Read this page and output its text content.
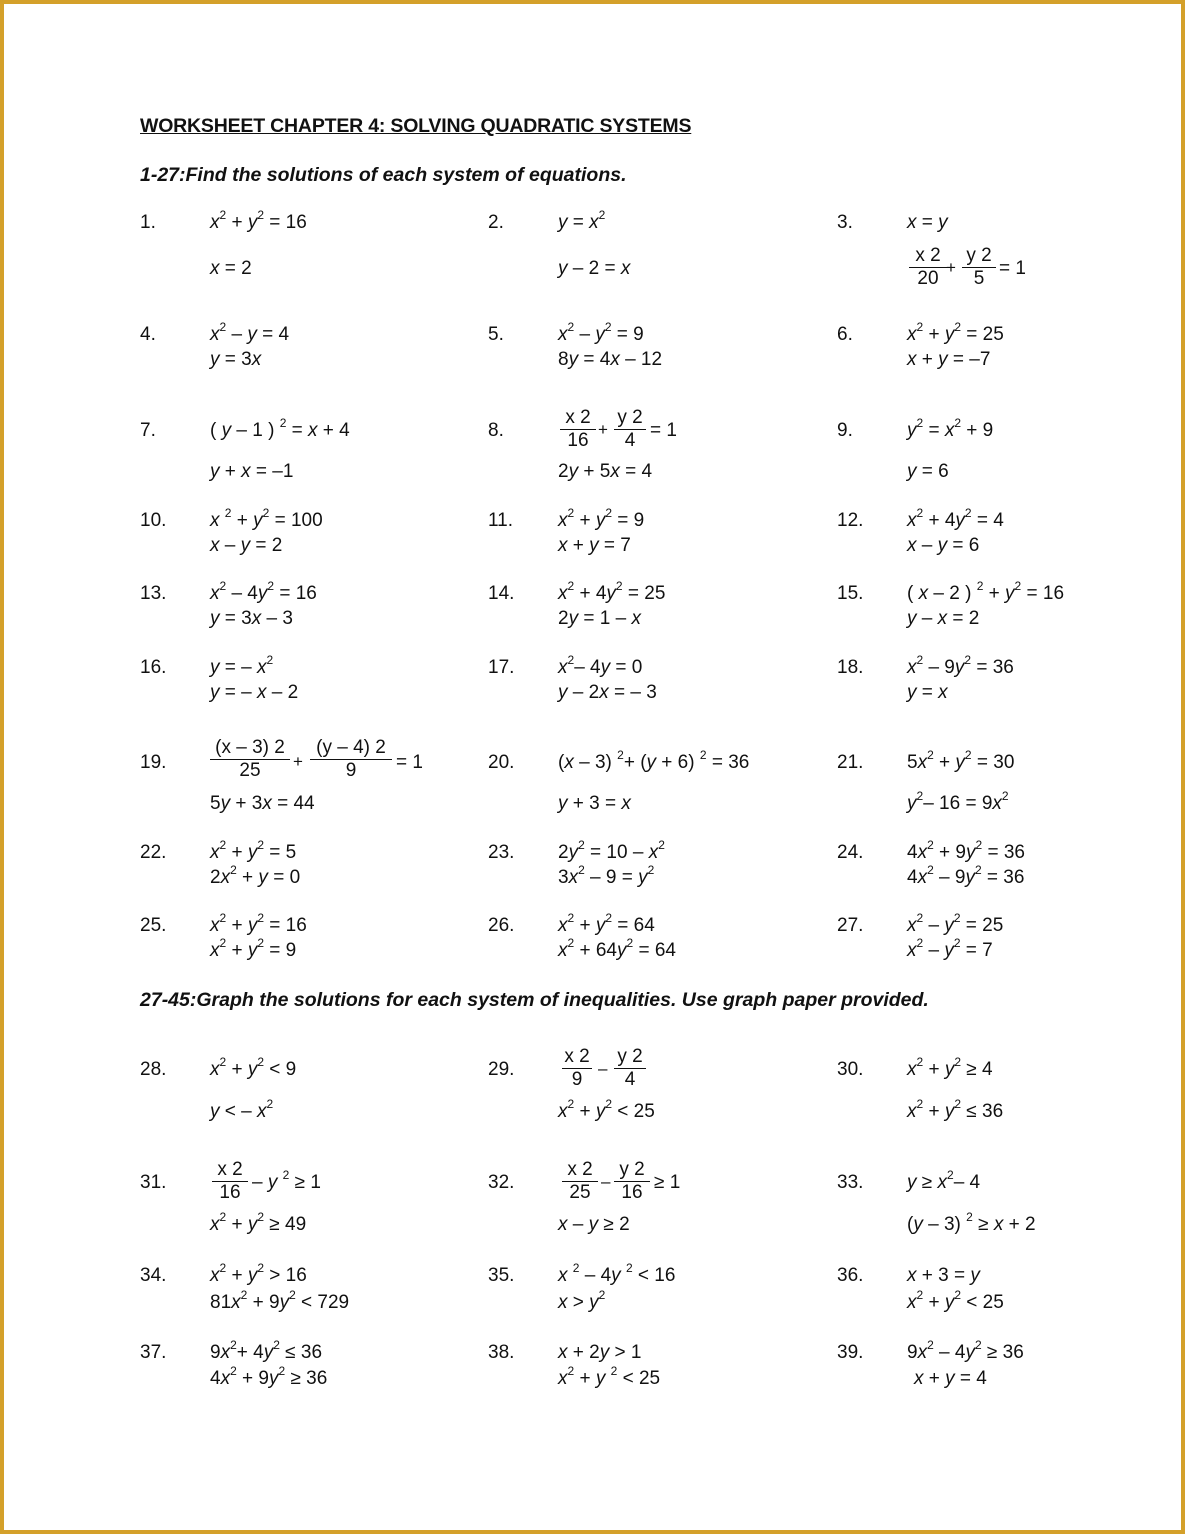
WORKSHEET CHAPTER 4: SOLVING QUADRATIC SYSTEMS
1-27:Find the solutions of each system of equations.
27-45:Graph the solutions for each system of inequalities. Use graph paper provided.
1.	$x^2 + y^2 = 16$
x = 2
2.	$y = x^2$
y – 2 = x
3.	x = y
x 2
20
+
y 2
5 = 1
4.	$x^2 - y = 4$
y = 3x
5.	$x^2 - y^2 = 9$
8y = 4x – 12
6.	$x^2 + y^2 = 25$
x + y = –7
7.	( y – 1 ) $^2$ = x + 4
y + x = –1
8.
x 2
16
+
y 2
4 = 1
2y + 5x = 4
9.	$y^2 = x^2 + 9$
y = 6
10. x $^2 + y^2 = 100$
x – y = 2
11. $x^2 + y^2 = 9$
x + y = 7
12. $x^2 + 4y^2 = 4$
x – y = 6
13. $x^2 - 4y^2 = 16$
y = 3x – 3
14. $x^2 + 4y^2 = 25$
2y = 1 – x
15. ( x – 2 ) $^2 + y^2 = 16$
y – x = 2
16. y = – $x^2$
y = – x – 2
17. $x^2-$ 4y = 0
y – 2x = – 3
18. $x^2 - 9y^2 = 36$
y = x
19.
(x – 3) 2
25	+
(y – 4) 2
9	= 1
5y + 3x = 44
20. (x – 3) $^2$+ (y + 6) $^2$ = 36
y + 3 = x
21. $5x^2 + y^2 = 30$
$y^2-$ $16 = 9x^2$
22. $x^2 + y^2 = 5$
$2x^2 + y = 0$
23. $2y^2 = 10 - x^2$
$3x^2 - 9 = y^2$
24. $4x^2 + 9y^2 = 36$
$4x^2 - 9y^2 = 36$
25. $x^2 + y^2 = 16$
$x^2 + y^2 = 9$
26. $x^2 + y^2 = 64$
$x^2 + 64y^2 = 64$
27. $x^2 - y^2 = 25$
$x^2 - y^2 = 7$
28. $x^2 + y^2 < 9$
y < – $x^2$
29.
x 2
9
–
y 2
4
$x^2 + y^2 < 25$
30. $x^2 + y^2 \ge 4$
$x^2 + y^2 \le 36$
31.
x 2
16 – y $^2$ ≥ 1
$x^2 + y^2 \ge 49$
32.
x 2
25
–
y 2
16 ≥ 1
x – y ≥ 2
33. $y \ge x^2-$ 4
(y – 3) $^2$ ≥ x + 2
34. $x^2 + y^2 > 16$
$81x^2 + 9y^2 < 729$
35. x $^2$ – 4y $^2$ < 16
$x > y^2$
36. x + 3 = y
$x^2 + y^2 < 25$
37. $9x^2+ 4y^2 \le 36$
$4x^2 + 9y^2 \ge 36$
38. x + 2y > 1
$x^2 + y$ $^2$ < 25
39. $9x^2 - 4y^2 \ge 36$
x + y = 4
